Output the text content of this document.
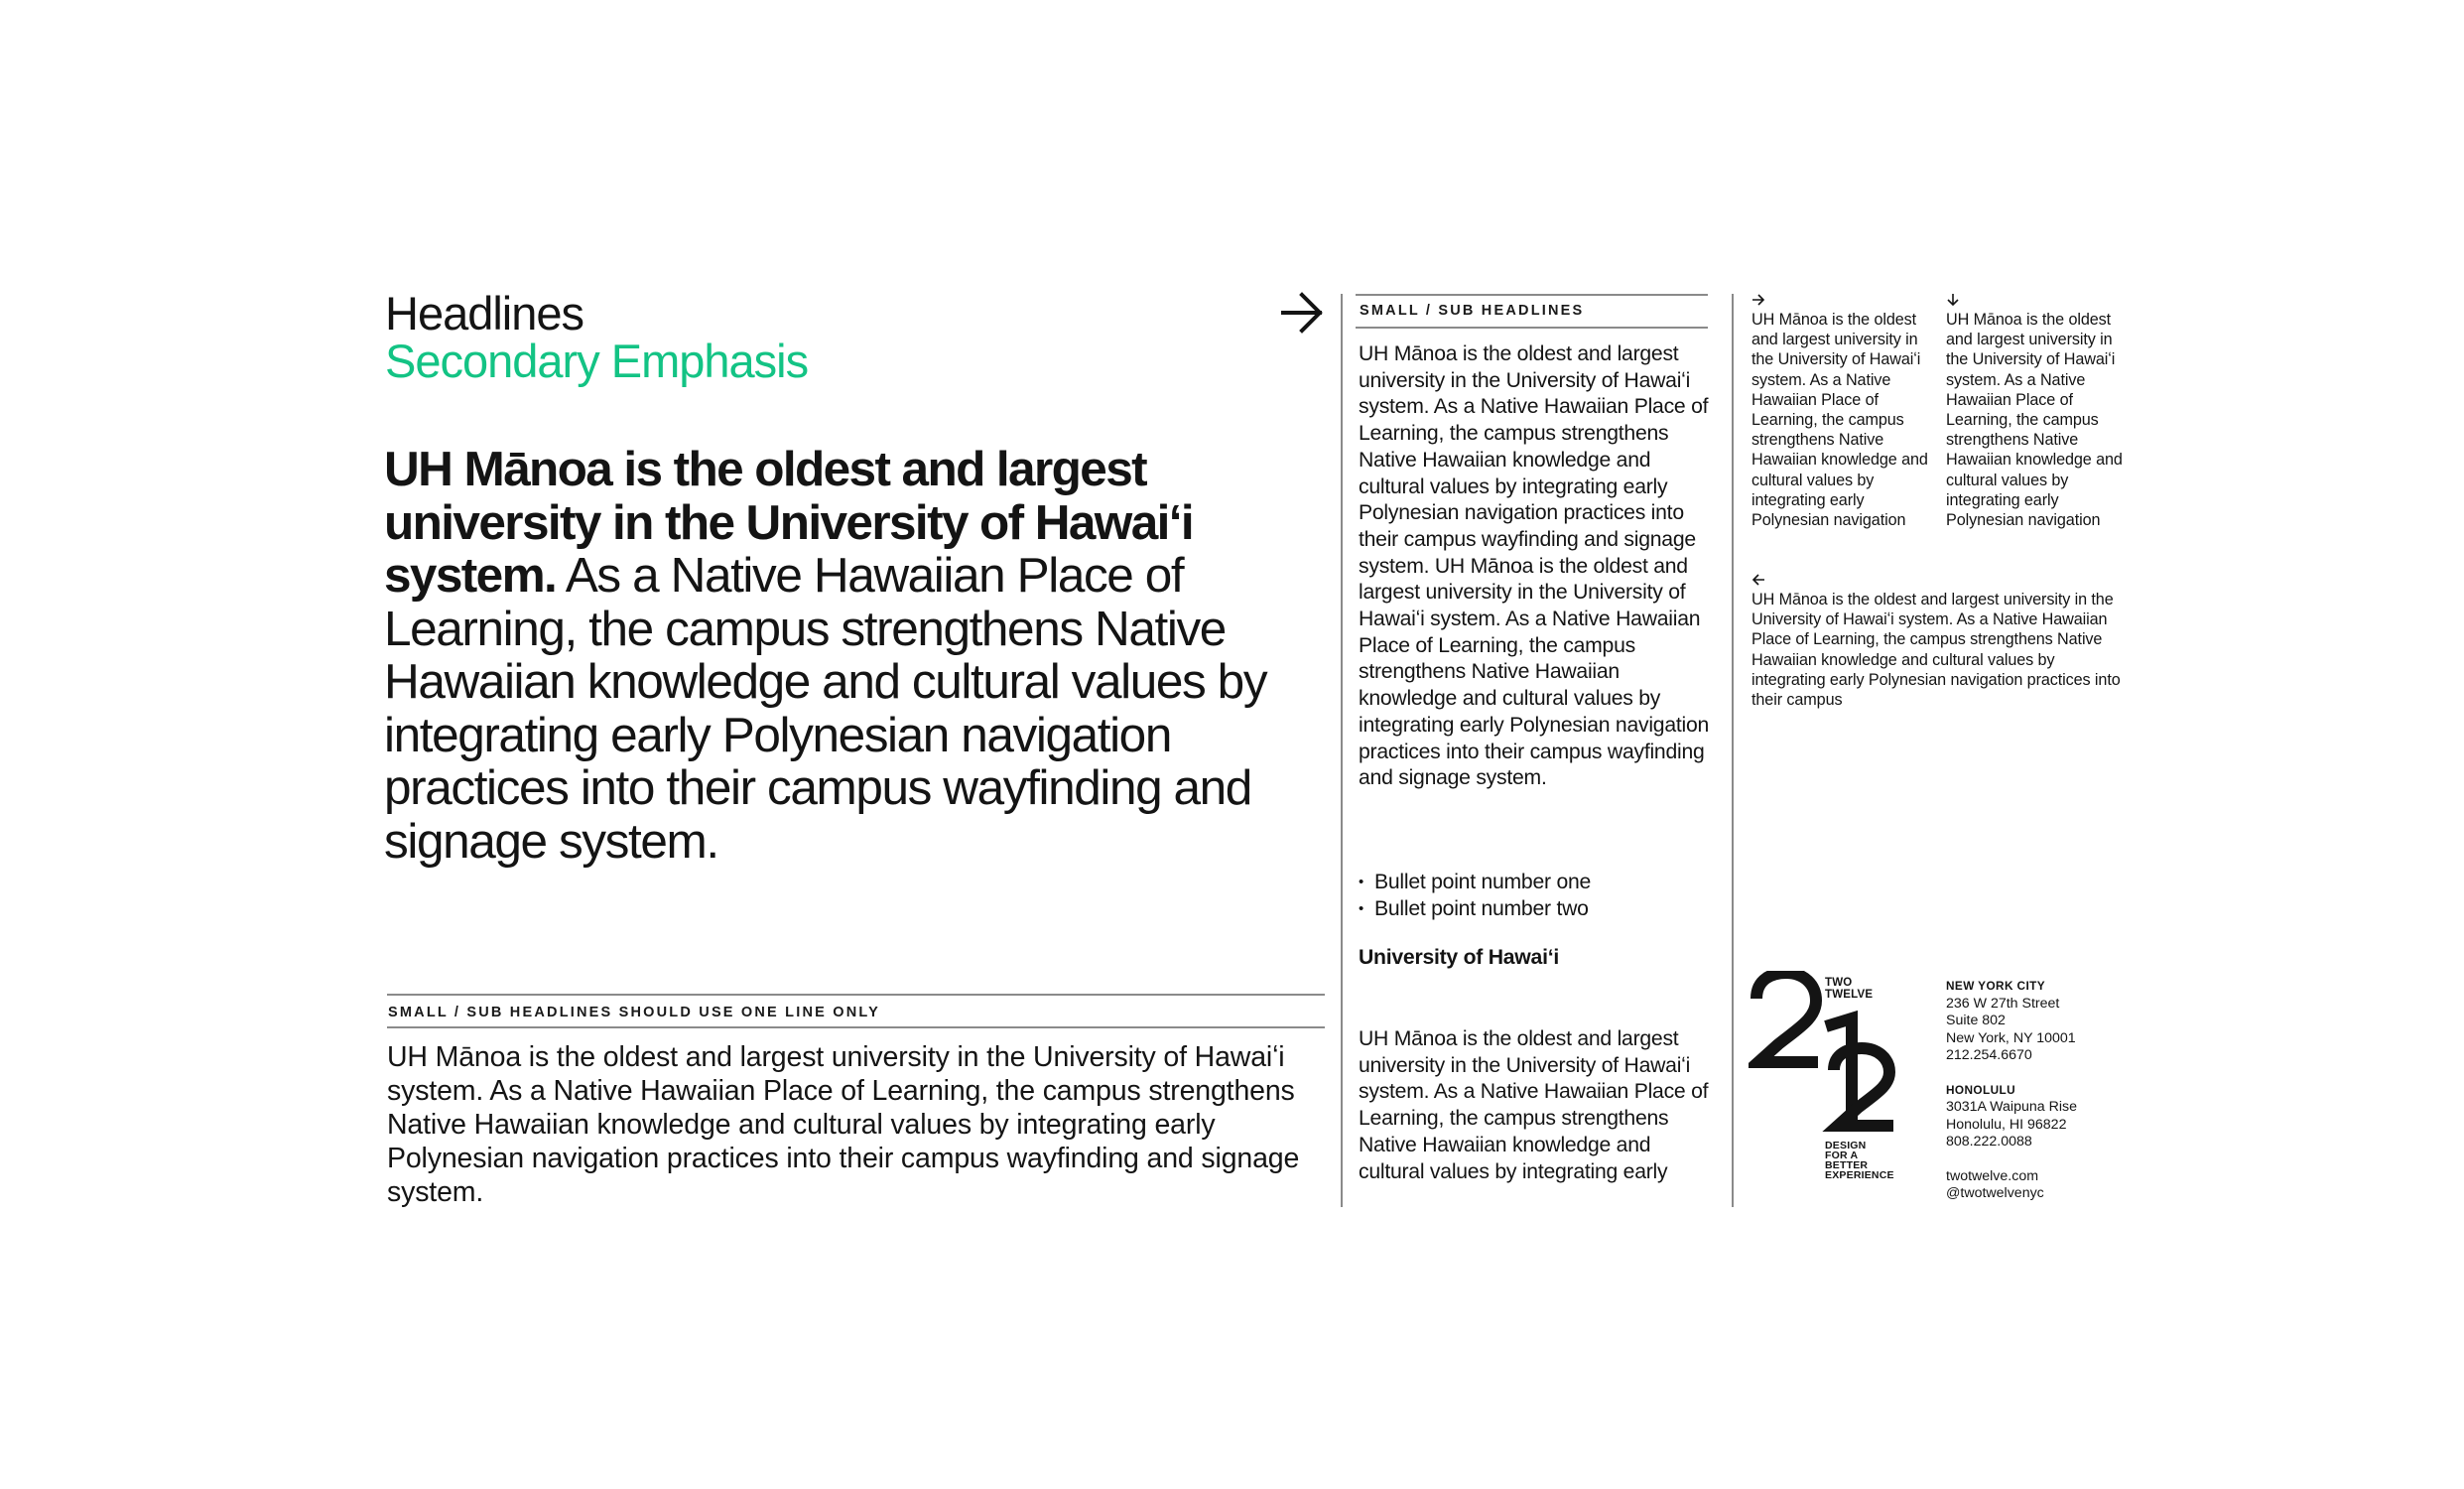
Headlines
Secondary Emphasis
UH Mānoa is the oldest and largest university in the University of Hawaiʻi system. As a Native Hawaiian Place of Learning, the campus strengthens Native Hawaiian knowledge and cultural values by integrating early Polynesian navigation practices into their campus wayfinding and signage system.
SMALL / SUB HEADLINES SHOULD USE ONE LINE ONLY
UH Mānoa is the oldest and largest university in the University of Hawaiʻi system. As a Native Hawaiian Place of Learning, the campus strengthens Native Hawaiian knowledge and cultural values by integrating early Polynesian navigation practices into their campus wayfinding and signage system.
SMALL / SUB HEADLINES
UH Mānoa is the oldest and largest university in the University of Hawaiʻi system. As a Native Hawaiian Place of Learning, the campus strengthens Native Hawaiian knowledge and cultural values by integrating early Polynesian navigation practices into their campus wayfinding and signage system. UH Mānoa is the oldest and largest university in the University of Hawaiʻi system. As a Native Hawaiian Place of Learning, the campus strengthens Native Hawaiian knowledge and cultural values by integrating early Polynesian navigation practices into their campus wayfinding and signage system.
• Bullet point number one
• Bullet point number two
University of Hawaiʻi
UH Mānoa is the oldest and largest university in the University of Hawaiʻi system. As a Native Hawaiian Place of Learning, the campus strengthens Native Hawaiian knowledge and cultural values by integrating early
UH Mānoa is the oldest and largest university in the University of Hawaiʻi system. As a Native Hawaiian Place of Learning, the campus strengthens Native Hawaiian knowledge and cultural values by integrating early Polynesian navigation
UH Mānoa is the oldest and largest university in the University of Hawaiʻi system. As a Native Hawaiian Place of Learning, the campus strengthens Native Hawaiian knowledge and cultural values by integrating early Polynesian navigation
UH Mānoa is the oldest and largest university in the University of Hawaiʻi system. As a Native Hawaiian Place of Learning, the campus strengthens Native Hawaiian knowledge and cultural values by integrating early Polynesian navigation practices into their campus
TWO
TWELVE
DESIGN
FOR A
BETTER
EXPERIENCE
NEW YORK CITY
236 W 27th Street
Suite 802
New York, NY 10001
212.254.6670
HONOLULU
3031A Waipuna Rise
Honolulu, HI 96822
808.222.0088
twotwelve.com
@twotwelvenyc
